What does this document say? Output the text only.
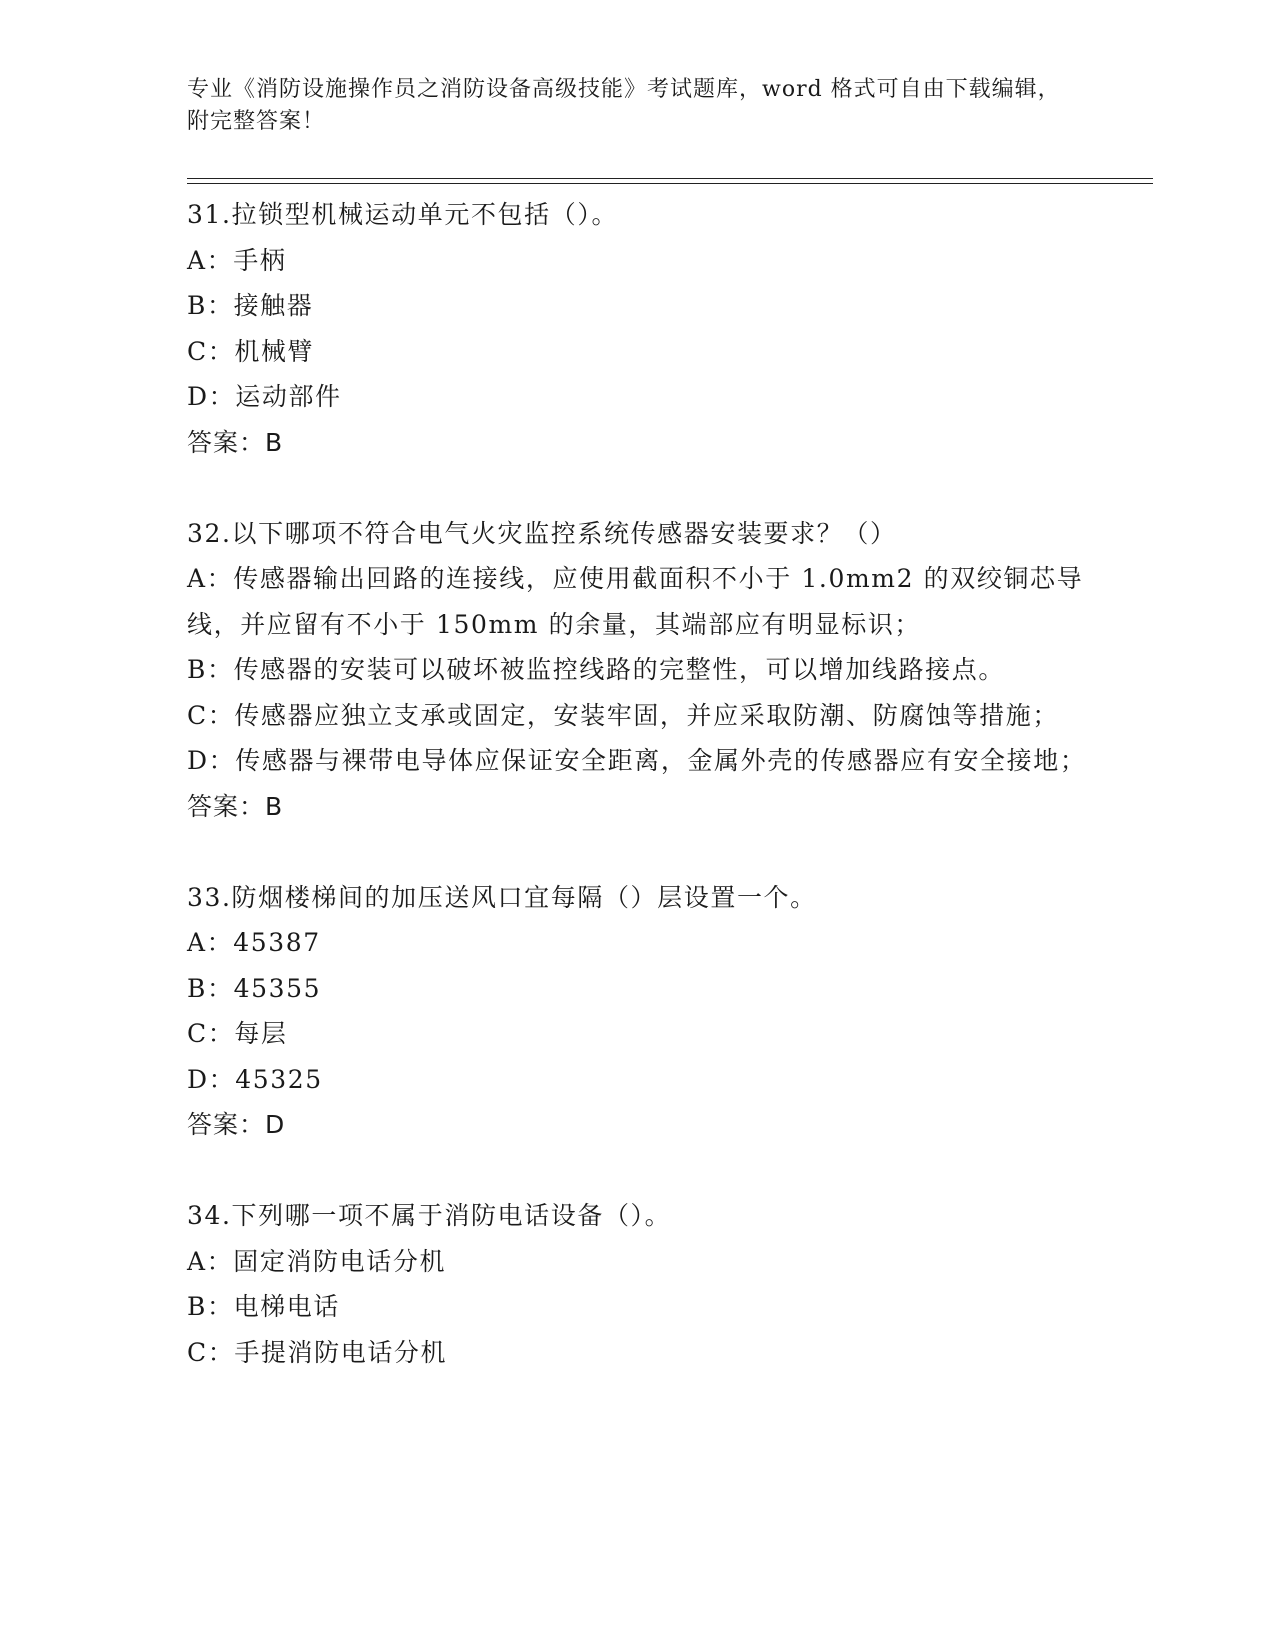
专业《消防设施操作员之消防设备高级技能》考试题库，word 格式可自由下载编辑，附完整答案！
31.拉锁型机械运动单元不包括（）。
A：手柄
B：接触器
C：机械臂
D：运动部件
答案：B
32.以下哪项不符合电气火灾监控系统传感器安装要求？（）
A：传感器输出回路的连接线，应使用截面积不小于 1.0mm2 的双绞铜芯导线，并应留有不小于 150mm 的余量，其端部应有明显标识；
B：传感器的安装可以破坏被监控线路的完整性，可以增加线路接点。
C：传感器应独立支承或固定，安装牢固，并应采取防潮、防腐蚀等措施；
D：传感器与裸带电导体应保证安全距离，金属外壳的传感器应有安全接地；
答案：B
33.防烟楼梯间的加压送风口宜每隔（）层设置一个。
A：45387
B：45355
C：每层
D：45325
答案：D
34.下列哪一项不属于消防电话设备（）。
A：固定消防电话分机
B：电梯电话
C：手提消防电话分机
